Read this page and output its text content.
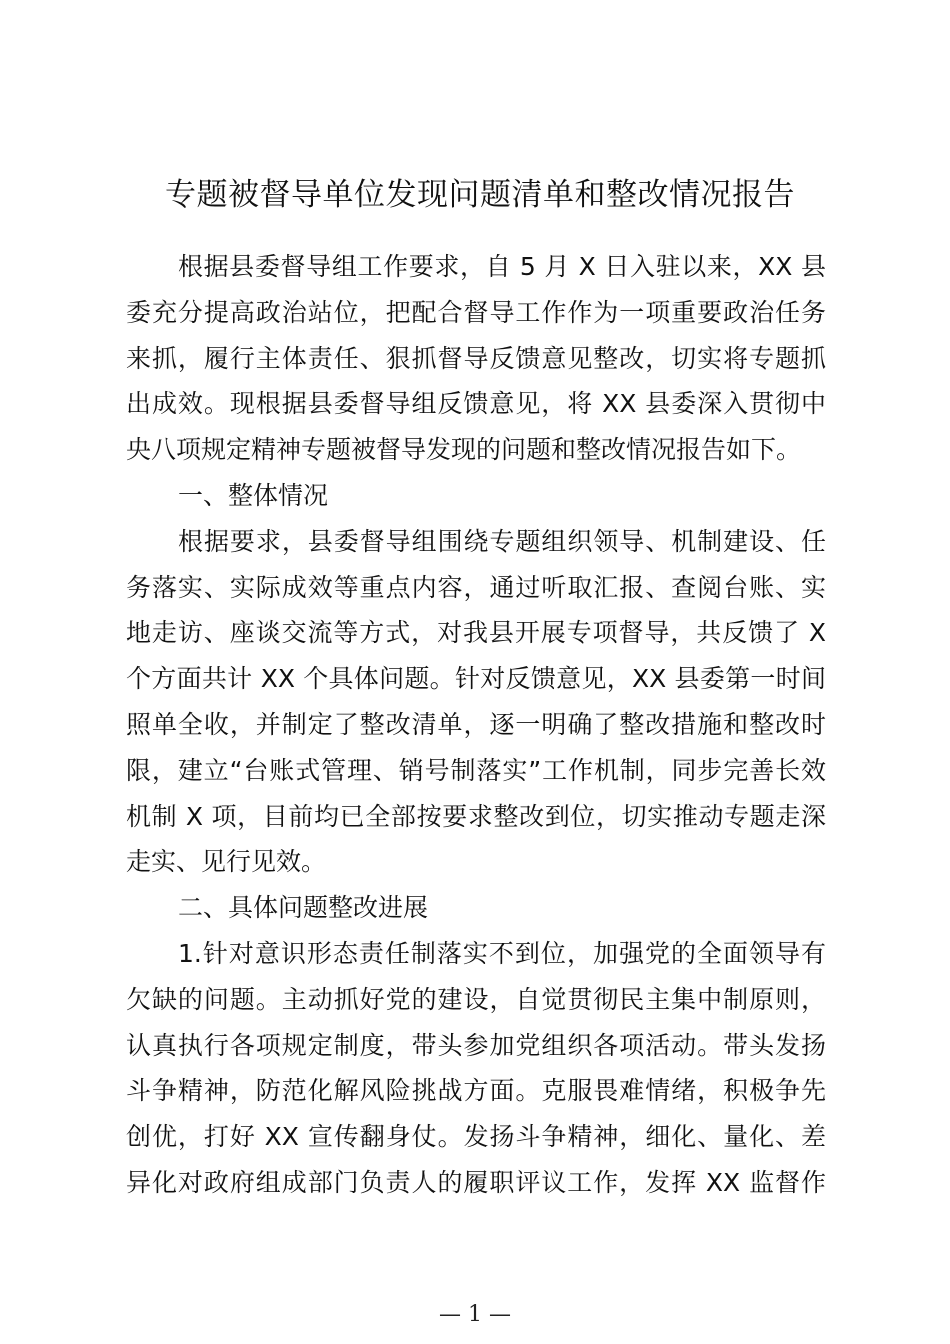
专题被督导单位发现问题清单和整改情况报告
根据县委督导组工作要求，自 5 月 X 日入驻以来，XX 县
委充分提高政治站位，把配合督导工作作为一项重要政治任务
来抓，履行主体责任、狠抓督导反馈意见整改，切实将专题抓
出成效。现根据县委督导组反馈意见，将 XX 县委深入贯彻中
央八项规定精神专题被督导发现的问题和整改情况报告如下。
一、整体情况
根据要求，县委督导组围绕专题组织领导、机制建设、任
务落实、实际成效等重点内容，通过听取汇报、查阅台账、实
地走访、座谈交流等方式，对我县开展专项督导，共反馈了 X
个方面共计 XX 个具体问题。针对反馈意见，XX 县委第一时间
照单全收，并制定了整改清单，逐一明确了整改措施和整改时
限，建立“台账式管理、销号制落实”工作机制，同步完善长效
机制 X 项，目前均已全部按要求整改到位，切实推动专题走深
走实、见行见效。
二、具体问题整改进展
1.针对意识形态责任制落实不到位，加强党的全面领导有
欠缺的问题。主动抓好党的建设，自觉贯彻民主集中制原则，
认真执行各项规定制度，带头参加党组织各项活动。带头发扬
斗争精神，防范化解风险挑战方面。克服畏难情绪，积极争先
创优，打好 XX 宣传翻身仗。发扬斗争精神，细化、量化、差
异化对政府组成部门负责人的履职评议工作，发挥 XX 监督作
— 1 —
